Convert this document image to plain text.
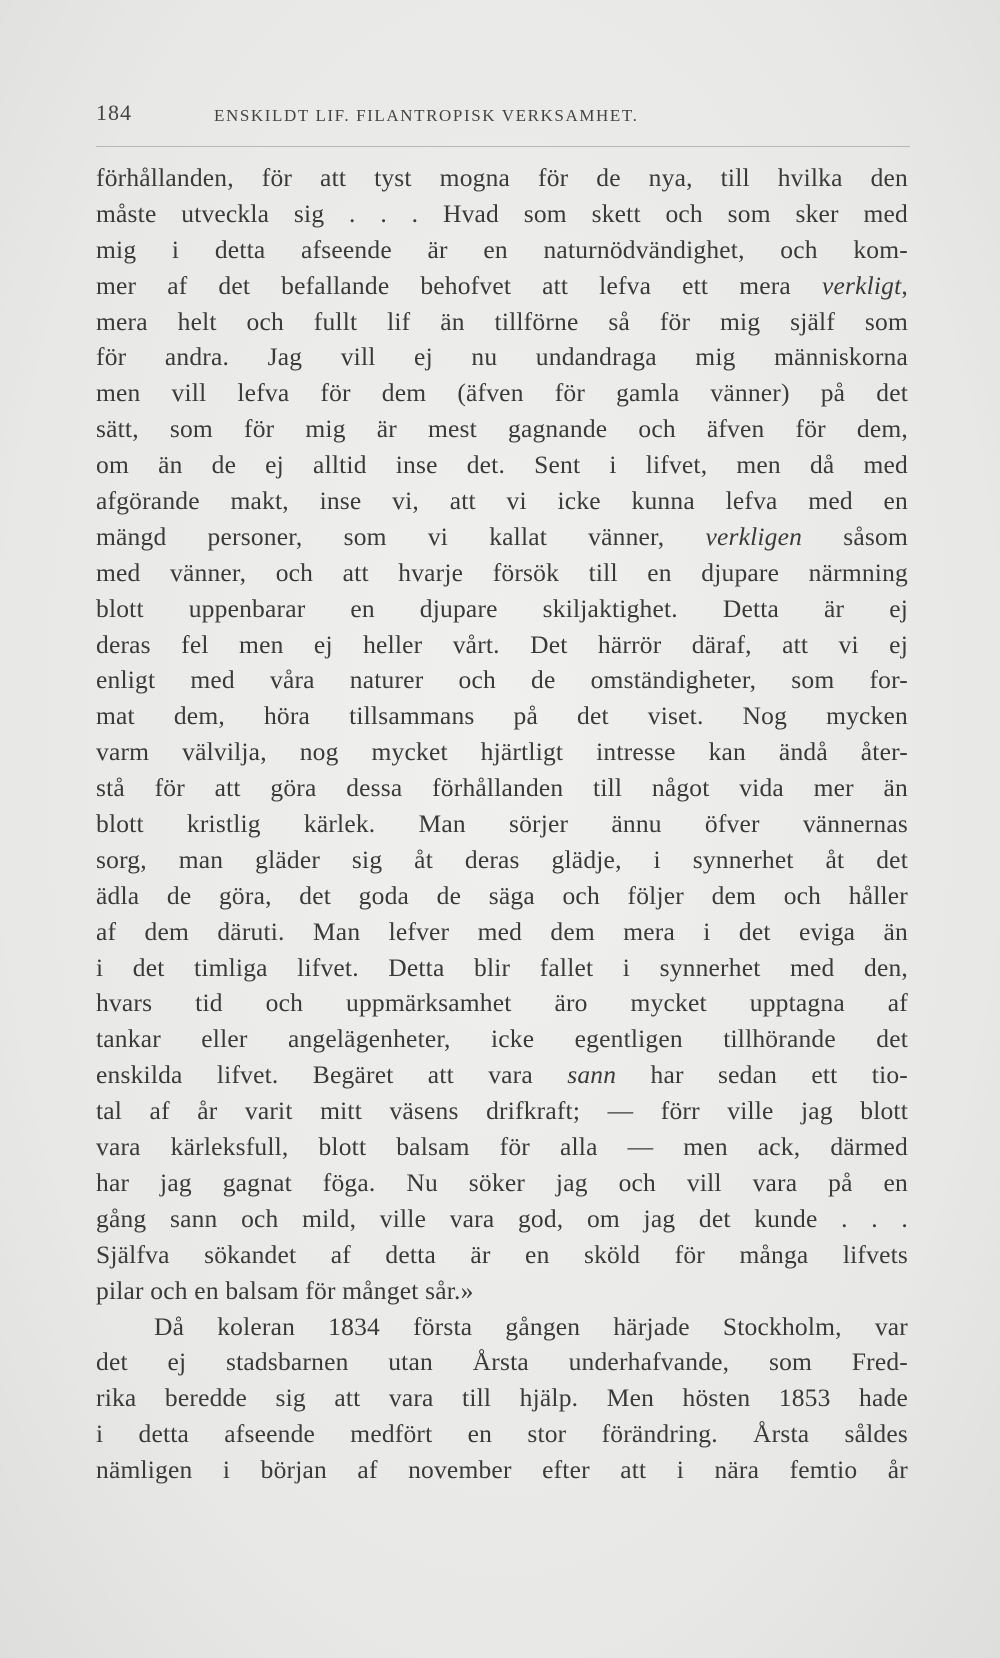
184	ENSKILDT LIF. FILANTROPISK VERKSAMHET.
förhållanden, för att tyst mogna för de nya, till hvilka den
måste utveckla sig . . . Hvad som skett och som sker med
mig i detta afseende är en naturnödvändighet, och kom-
mer af det befallande behofvet att lefva ett mera verkligt,
mera helt och fullt lif än tillförne så för mig själf som
för andra. Jag vill ej nu undandraga mig människorna
men vill lefva för dem (äfven för gamla vänner) på det
sätt, som för mig är mest gagnande och äfven för dem,
om än de ej alltid inse det. Sent i lifvet, men då med
afgörande makt, inse vi, att vi icke kunna lefva med en
mängd personer, som vi kallat vänner, verkligen såsom
med vänner, och att hvarje försök till en djupare närmning
blott uppenbarar en djupare skiljaktighet. Detta är ej
deras fel men ej heller vårt. Det härrör däraf, att vi ej
enligt med våra naturer och de omständigheter, som for-
mat dem, höra tillsammans på det viset. Nog mycken
varm välvilja, nog mycket hjärtligt intresse kan ändå åter-
stå för att göra dessa förhållanden till något vida mer än
blott kristlig kärlek. Man sörjer ännu öfver vännernas
sorg, man gläder sig åt deras glädje, i synnerhet åt det
ädla de göra, det goda de säga och följer dem och håller
af dem däruti. Man lefver med dem mera i det eviga än
i det timliga lifvet. Detta blir fallet i synnerhet med den,
hvars tid och uppmärksamhet äro mycket upptagna af
tankar eller angelägenheter, icke egentligen tillhörande det
enskilda lifvet. Begäret att vara sann har sedan ett tio-
tal af år varit mitt väsens drifkraft; — förr ville jag blott
vara kärleksfull, blott balsam för alla — men ack, därmed
har jag gagnat föga. Nu söker jag och vill vara på en
gång sann och mild, ville vara god, om jag det kunde . . .
Själfva sökandet af detta är en sköld för många lifvets
pilar och en balsam för månget sår.»
Då koleran 1834 första gången härjade Stockholm, var
det ej stadsbarnen utan Årsta underhafvande, som Fred-
rika beredde sig att vara till hjälp. Men hösten 1853 hade
i detta afseende medfört en stor förändring. Årsta såldes
nämligen i början af november efter att i nära femtio år
